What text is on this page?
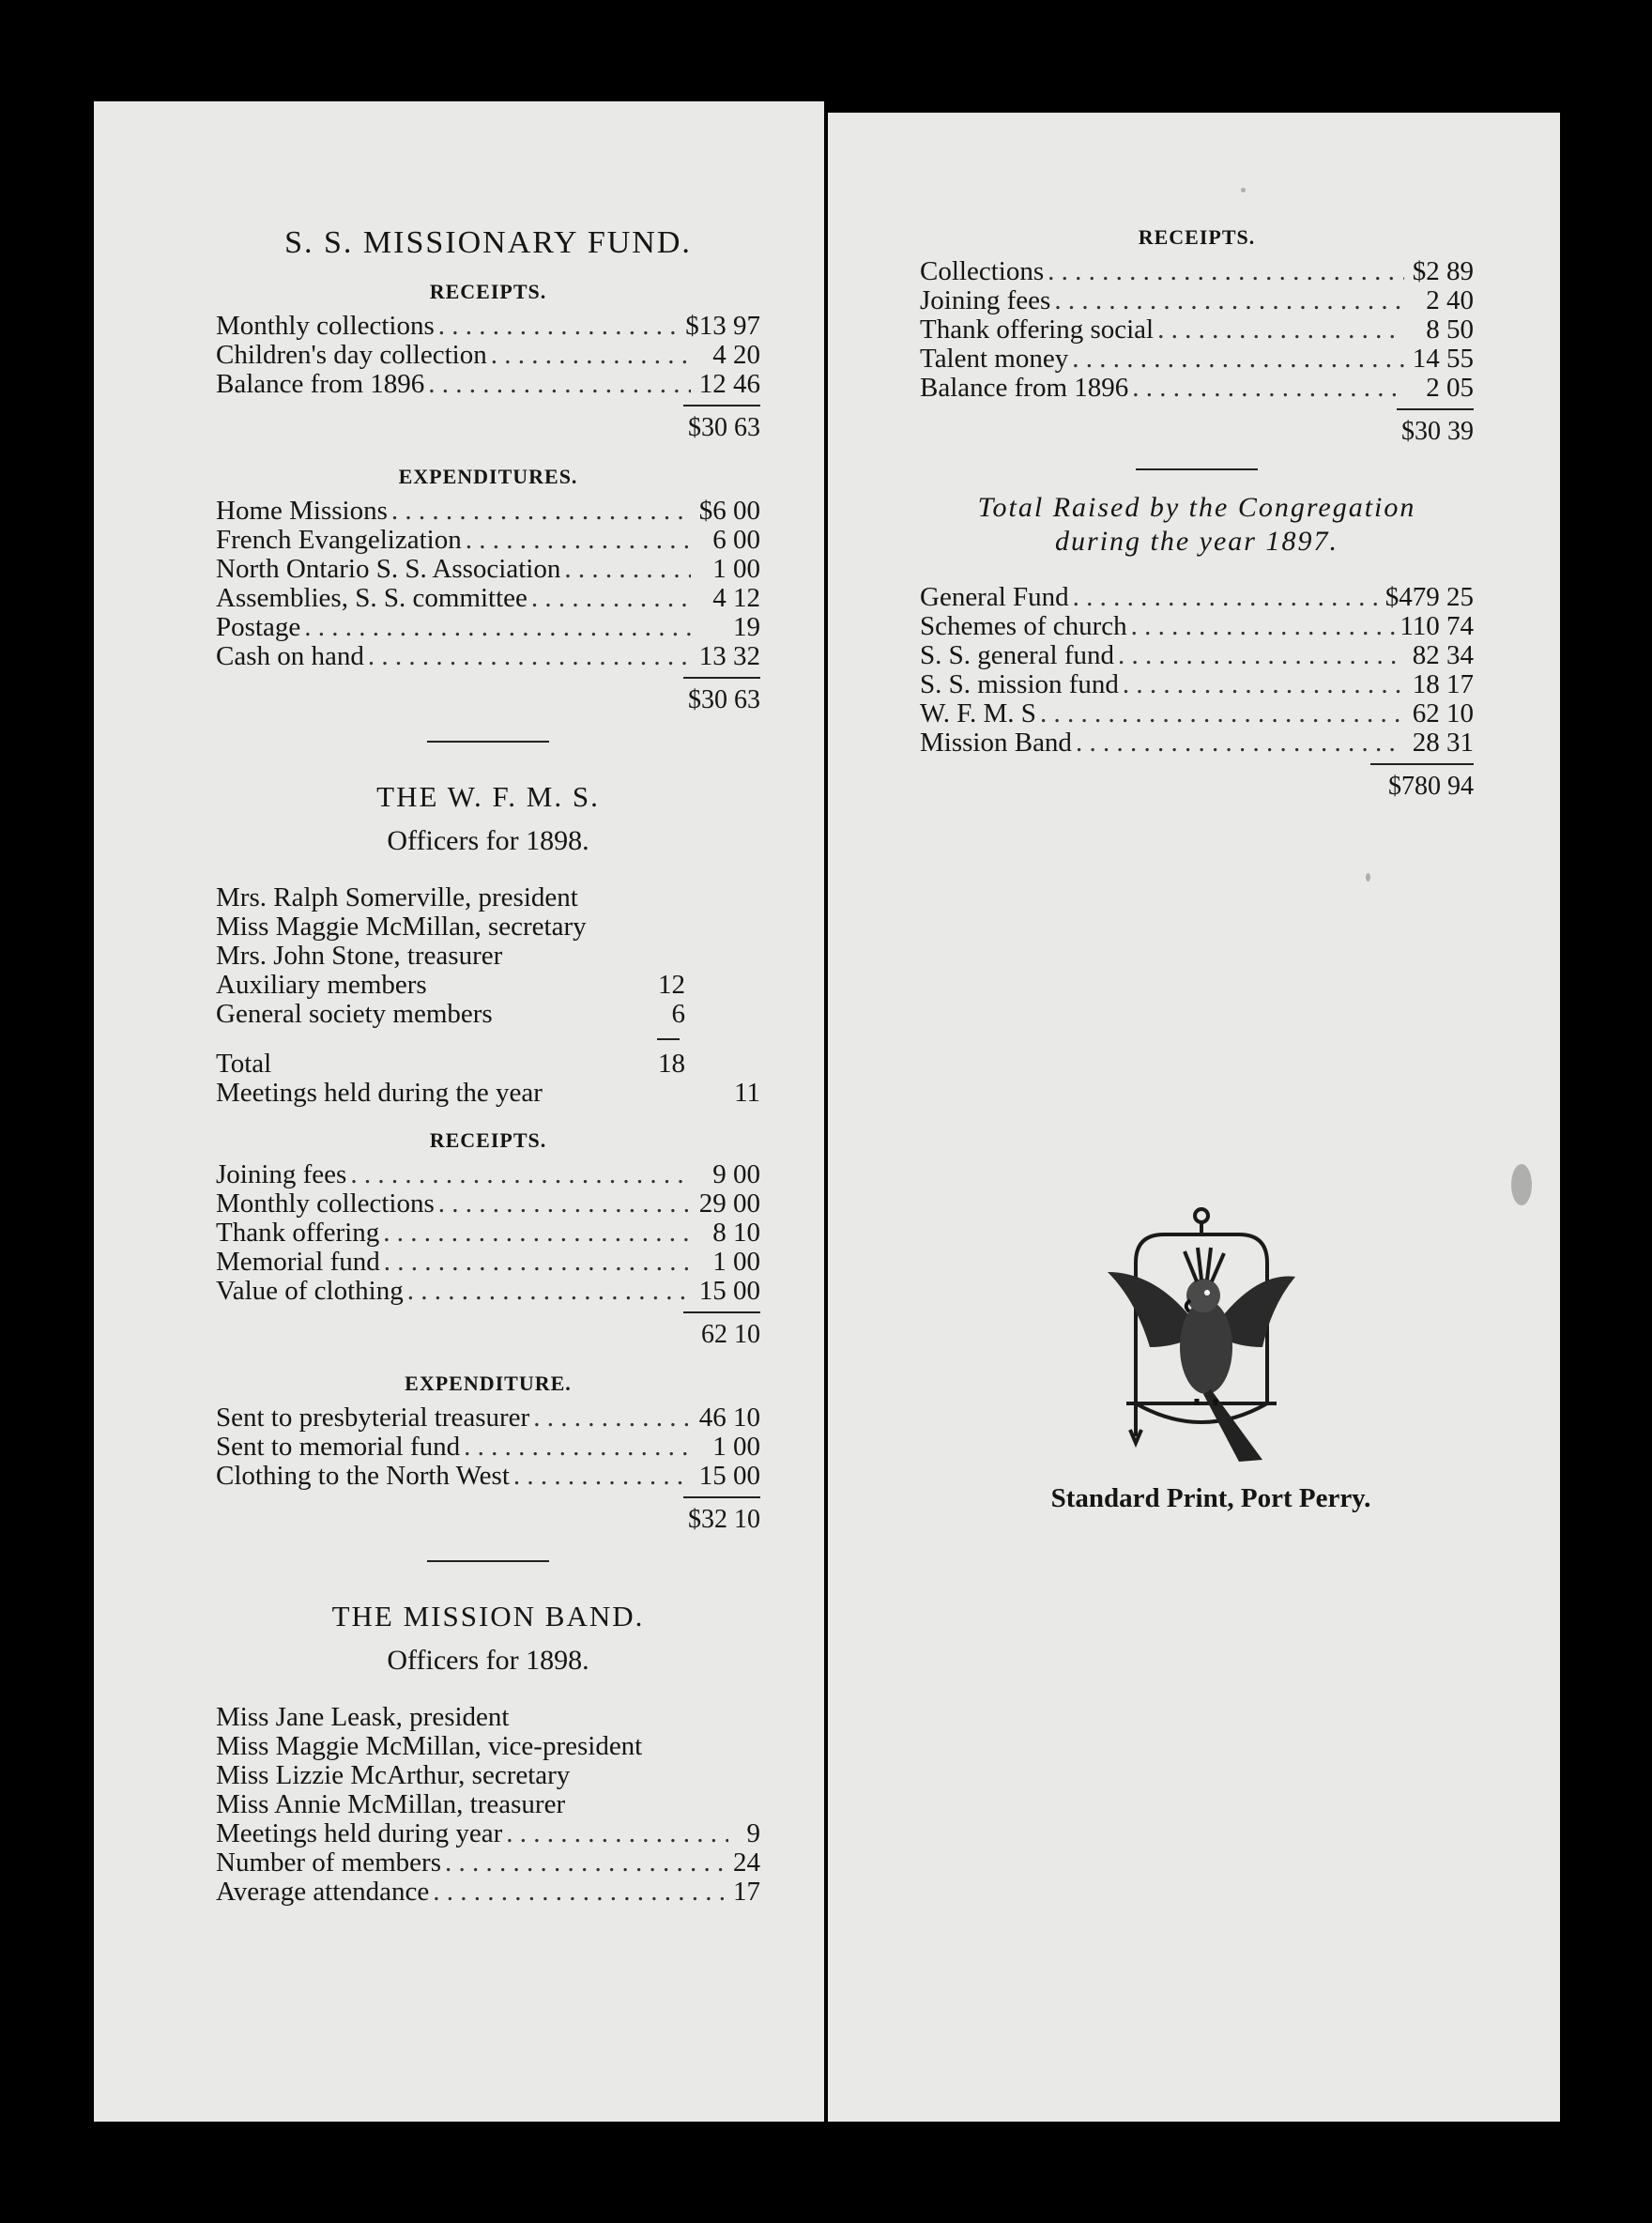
S. S. MISSIONARY FUND.
RECEIPTS.
Monthly collections . . .	$13 97
Children's day collection . . .	4 20
Balance from 1896 . . .	12 46
$30 63
EXPENDITURES.
Home Missions . . .	$6 00
French Evangelization . . .	6 00
North Ontario S. S. Association . . .	1 00
Assemblies, S. S. committee . . .	4 12
Postage . . .	19
Cash on hand . . .	13 32
$30 63
THE W. F. M. S.
Officers for 1898.
Mrs. Ralph Somerville, president
Miss Maggie McMillan, secretary
Mrs. John Stone, treasurer
Auxiliary members	12
General society members	6
Total	18
Meetings held during the year	11
RECEIPTS.
Joining fees . . .	9 00
Monthly collections . . .	29 00
Thank offering . . .	8 10
Memorial fund . . .	1 00
Value of clothing . . .	15 00
62 10
EXPENDITURE.
Sent to presbyterial treasurer . . .	46 10
Sent to memorial fund . . .	1 00
Clothing to the North West . . .	15 00
$32 10
THE MISSION BAND.
Officers for 1898.
Miss Jane Leask, president
Miss Maggie McMillan, vice-president
Miss Lizzie McArthur, secretary
Miss Annie McMillan, treasurer
Meetings held during year . . .	9
Number of members . . .	24
Average attendance . . .	17
RECEIPTS.
Collections . . .	$2 89
Joining fees . . .	2 40
Thank offering social . . .	8 50
Talent money . . .	14 55
Balance from 1896 . . .	2 05
$30 39
Total Raised by the Congregation
during the year 1897.
General Fund . . .	$479 25
Schemes of church . . .	110 74
S. S. general fund . . .	82 34
S. S. mission fund . . .	18 17
W. F. M. S . . .	62 10
Mission Band . . .	28 31
$780 94
Standard Print, Port Perry.
